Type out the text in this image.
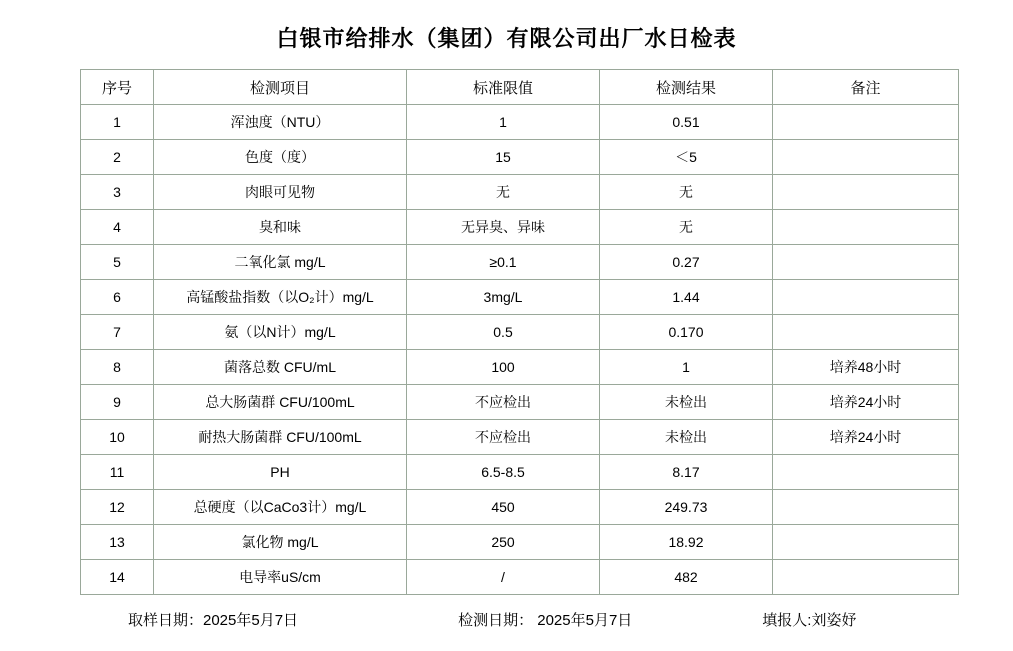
白银市给排水（集团）有限公司出厂水日检表
序号	检测项目	标准限值	检测结果	备注
1	浑浊度（NTU）	1	0.51	
2	色度（度）	15	＜5	
3	肉眼可见物	无	无	
4	臭和味	无异臭、异味	无	
5	二氧化氯 mg/L	≥0.1	0.27	
6	高锰酸盐指数（以O₂计）mg/L	3mg/L	1.44	
7	氨（以N计）mg/L	0.5	0.170	
8	菌落总数 CFU/mL	100	1	培养48小时
9	总大肠菌群 CFU/100mL	不应检出	未检出	培养24小时
10	耐热大肠菌群 CFU/100mL	不应检出	未检出	培养24小时
11	PH	6.5-8.5	8.17	
12	总硬度（以CaCo3计）mg/L	450	249.73	
13	氯化物 mg/L	250	18.92	
14	电导率uS/cm	/	482	
取样日期：2025年5月7日	检测日期： 2025年5月7日	填报人:刘姿妤
